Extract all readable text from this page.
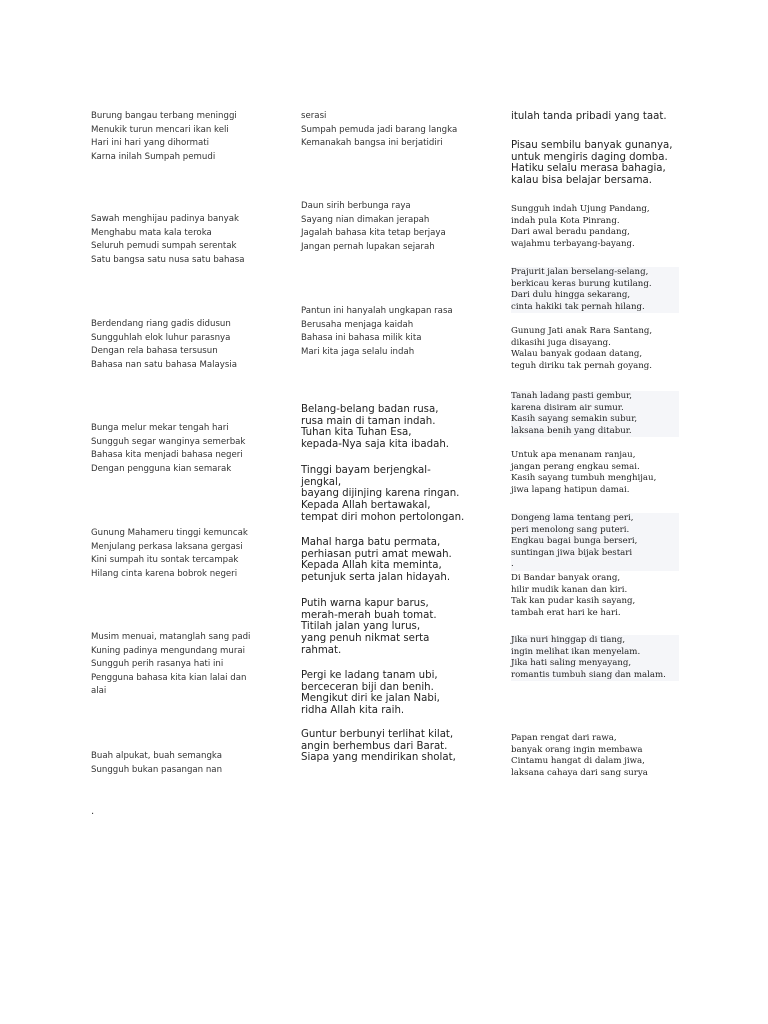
Burung bangau terbang meninggi
Menukik turun mencari ikan keli
Hari ini hari yang dihormati
Karna inilah Sumpah pemudi

Sawah menghijau padinya banyak
Menghabu mata kala teroka
Seluruh pemudi sumpah serentak
Satu bangsa satu nusa satu bahasa

Berdendang riang gadis didusun
Sungguhlah elok luhur parasnya
Dengan rela bahasa tersusun
Bahasa nan satu bahasa Malaysia

Bunga melur mekar tengah hari
Sungguh segar wanginya semerbak
Bahasa kita menjadi bahasa negeri
Dengan pengguna kian semarak

Gunung Mahameru tinggi kemuncak
Menjulang perkasa laksana gergasi
Kini sumpah itu sontak tercampak
Hilang cinta karena bobrok negeri

Musim menuai, matanglah sang padi
Kuning padinya mengundang murai
Sungguh perih rasanya hati ini
Pengguna bahasa kita kian lalai dan
alai

Buah alpukat, buah semangka
Sungguh bukan pasangan nan

.

serasi
Sumpah pemuda jadi barang langka
Kemanakah bangsa ini berjatidiri

Daun sirih berbunga raya
Sayang nian dimakan jerapah
Jagalah bahasa kita tetap berjaya
Jangan pernah lupakan sejarah

Pantun ini hanyalah ungkapan rasa
Berusaha menjaga kaidah
Bahasa ini bahasa milik kita
Mari kita jaga selalu indah

Belang-belang badan rusa,
rusa main di taman indah.
Tuhan kita Tuhan Esa,
kepada-Nya saja kita ibadah.

Tinggi bayam berjengkal-
jengkal,
bayang dijinjing karena ringan.
Kepada Allah bertawakal,
tempat diri mohon pertolongan.

Mahal harga batu permata,
perhiasan putri amat mewah.
Kepada Allah kita meminta,
petunjuk serta jalan hidayah.

Putih warna kapur barus,
merah-merah buah tomat.
Titilah jalan yang lurus,
yang penuh nikmat serta
rahmat.

Pergi ke ladang tanam ubi,
berceceran biji dan benih.
Mengikut diri ke jalan Nabi,
ridha Allah kita raih.

Guntur berbunyi terlihat kilat,
angin berhembus dari Barat.
Siapa yang mendirikan sholat,

itulah tanda pribadi yang taat.

Pisau sembilu banyak gunanya,
untuk mengiris daging domba.
Hatiku selalu merasa bahagia,
kalau bisa belajar bersama.

Sungguh indah Ujung Pandang,
indah pula Kota Pinrang.
Dari awal beradu pandang,
wajahmu terbayang-bayang.

Prajurit jalan berselang-selang,
berkicau keras burung kutilang.
Dari dulu hingga sekarang,
cinta hakiki tak pernah hilang.

Gunung Jati anak Rara Santang,
dikasihi juga disayang.
Walau banyak godaan datang,
teguh diriku tak pernah goyang.

Tanah ladang pasti gembur,
karena disiram air sumur.
Kasih sayang semakin subur,
laksana benih yang ditabur.

Untuk apa menanam ranjau,
jangan perang engkau semai.
Kasih sayang tumbuh menghijau,
jiwa lapang hatipun damai.

Dongeng lama tentang peri,
peri menolong sang puteri.
Engkau bagai bunga berseri,
suntingan jiwa bijak bestari
.

Di Bandar banyak orang,
hilir mudik kanan dan kiri.
Tak kan pudar kasih sayang,
tambah erat hari ke hari.

Jika nuri hinggap di tiang,
ingin melihat ikan menyelam.
Jika hati saling menyayang,
romantis tumbuh siang dan malam.

Papan rengat dari rawa,
banyak orang ingin membawa
Cintamu hangat di dalam jiwa,
laksana cahaya dari sang surya
